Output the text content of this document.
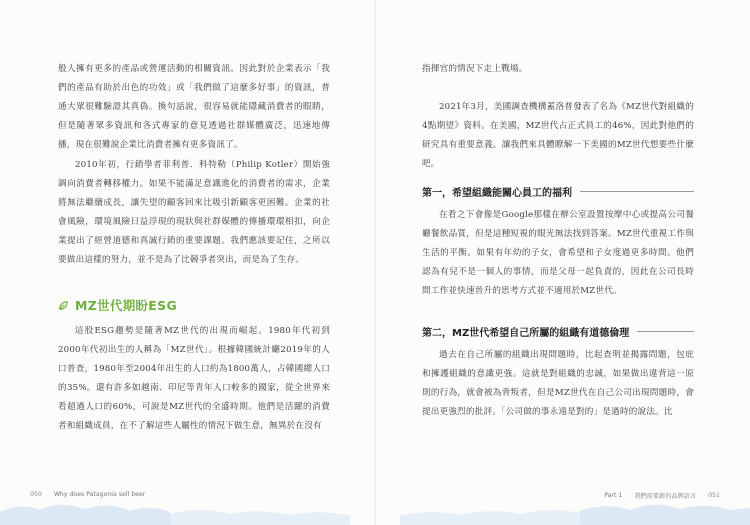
般人擁有更多的產品或營運活動的相關資訊。因此對於企業表示「我們的產品有助於出色的功效」或「我們做了這麼多好事」的資訊，普通大眾很難驗證其真偽。換句話說，很容易就能隱藏消費者的眼睛，但是隨著眾多資訊和各式專家的意見透過社群媒體廣泛，迅速地傳播，現在很難說企業比消費者擁有更多資訊了。

2010年初，行銷學者菲利普．科特勒（Philip Kotler）開始強調向消費者轉移權力。如果不能滿足意識進化的消費者的需求，企業將無法繼續成長，讓失望的顧客回來比吸引新顧客更困難。企業的社會風險，環境風險日益浮現的現狀與社群媒體的傳播環環相扣，向企業提出了經營道德和真誠行銷的重要課題。我們應該要記住，之所以要做出這樣的努力，並不是為了比競爭者突出，而是為了生存。

MZ世代期盼ESG

這股ESG趨勢是隨著MZ世代的出現而崛起。1980年代初到2000年代初出生的人稱為「MZ世代」。根據韓國統計廳2019年的人口普查，1980年至2004年出生的人口約為1800萬人，占韓國總人口的35%。還有許多如越南、印尼等青年人口較多的國家，從全世界來看超過人口的60%，可說是MZ世代的全盛時期。他們是活躍的消費者和組織成員，在不了解這些人屬性的情況下做生意，無異於在沒有

指揮官的情況下走上戰場。

2021年3月，美國調查機構蓋洛普發表了名為《MZ世代對組織的4點期望》資料。在美國，MZ世代占正式員工的46%，因此對他們的研究具有重要意義。讓我們來具體瞭解一下美國的MZ世代想要些什麼吧。

第一，希望組織能關心員工的福利

在看之下會像是Google那樣在辦公室設置按摩中心或提高公司餐廳餐飲品質，但是這種短視的眼光無法找到答案。MZ世代重視工作與生活的平衡。如果有年幼的子女，會希望和子女度過更多時間。他們認為有兒不是一個人的事情，而是父母一起負責的，因此在公司長時間工作並快速晉升的思考方式並不適用於MZ世代。

第二，MZ世代希望自己所屬的組織有道德倫理

過去在自己所屬的組織出現問題時，比起查明並揭露問題，包庇和擁護組織的意識更強。這就是對組織的忠誠，如果做出違背這一原則的行為，就會被為背叛者，但是MZ世代在自己公司出現問題時，會提出更強烈的批評。「公司做的事永遠是對的」是過時的說法。比

050 Why does Patagonia sell beer	Part 1 我們需要新的品牌語言 051
